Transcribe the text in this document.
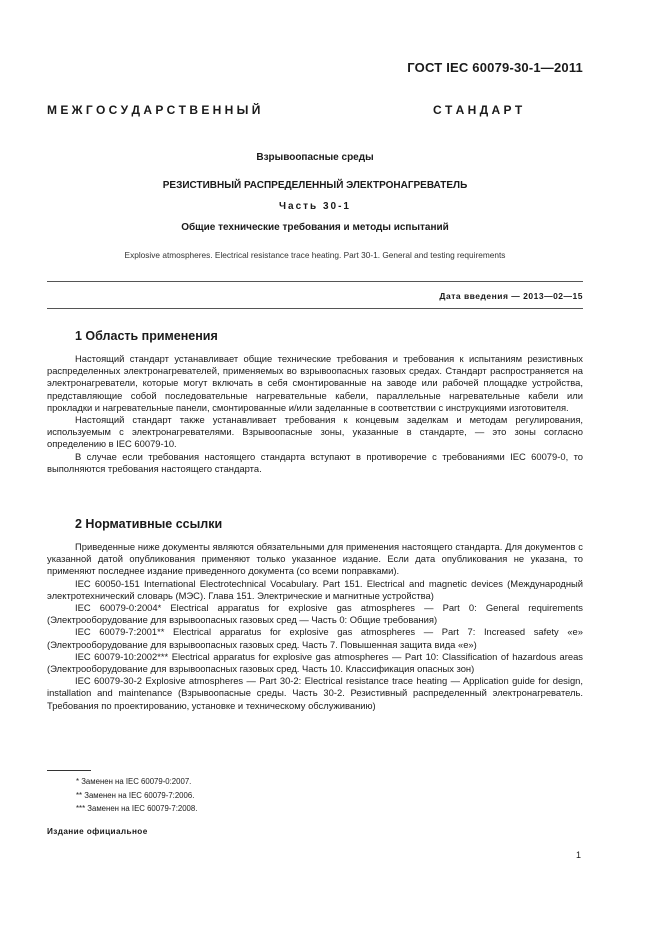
ГОСТ IEC 60079-30-1—2011
М Е Ж Г О С У Д А Р С Т В Е Н Н Ы Й	С Т А Н Д А Р Т
Взрывоопасные среды
РЕЗИСТИВНЫЙ РАСПРЕДЕЛЕННЫЙ ЭЛЕКТРОНАГРЕВАТЕЛЬ
Часть 30-1
Общие технические требования и методы испытаний
Explosive atmospheres. Electrical resistance trace heating. Part 30-1. General and testing requirements
Дата введения — 2013—02—15
1 Область применения

Настоящий стандарт устанавливает общие технические требования и требования к испытаниям резистивных распределенных электронагревателей, применяемых во взрывоопасных газовых средах. Стандарт распространяется на электронагреватели, которые могут включать в себя смонтированные на заводе или рабочей площадке устройства, представляющие собой последовательные нагревательные кабели, параллельные нагревательные кабели или прокладки и нагревательные панели, смонтированные и/или заделанные в соответствии с инструкциями изготовителя.

Настоящий стандарт также устанавливает требования к концевым заделкам и методам регулирования, используемым с электронагревателями. Взрывоопасные зоны, указанные в стандарте, — это зоны согласно определению в IEC 60079-10.

В случае если требования настоящего стандарта вступают в противоречие с требованиями IEC 60079-0, то выполняются требования настоящего стандарта.

2 Нормативные ссылки

Приведенные ниже документы являются обязательными для применения настоящего стандарта. Для документов с указанной датой опубликования применяют только указанное издание. Если дата опубликования не указана, то применяют последнее издание приведенного документа (со всеми поправками).

IEC 60050-151 International Electrotechnical Vocabulary. Part 151. Electrical and magnetic devices (Международный электротехнический словарь (МЭС). Глава 151. Электрические и магнитные устройства)

IEC 60079-0:2004* Electrical apparatus for explosive gas atmospheres — Part 0: General requirements (Электрооборудование для взрывоопасных газовых сред — Часть 0: Общие требования)

IEC 60079-7:2001** Electrical apparatus for explosive gas atmospheres — Part 7: Increased safety «e» (Электрооборудование для взрывоопасных газовых сред. Часть 7. Повышенная защита вида «e»)

IEC 60079-10:2002*** Electrical apparatus for explosive gas atmospheres — Part 10: Classification of hazardous areas (Электрооборудование для взрывоопасных газовых сред. Часть 10. Классификация опасных зон)

IEC 60079-30-2 Explosive atmospheres — Part 30-2: Electrical resistance trace heating — Application guide for design, installation and maintenance (Взрывоопасные среды. Часть 30-2. Резистивный распределенный электронагреватель. Требования по проектированию, установке и техническому обслуживанию)

* Заменен на IEC 60079-0:2007.
** Заменен на IEC 60079-7:2006.
*** Заменен на IEC 60079-7:2008.
Издание официальное
1
